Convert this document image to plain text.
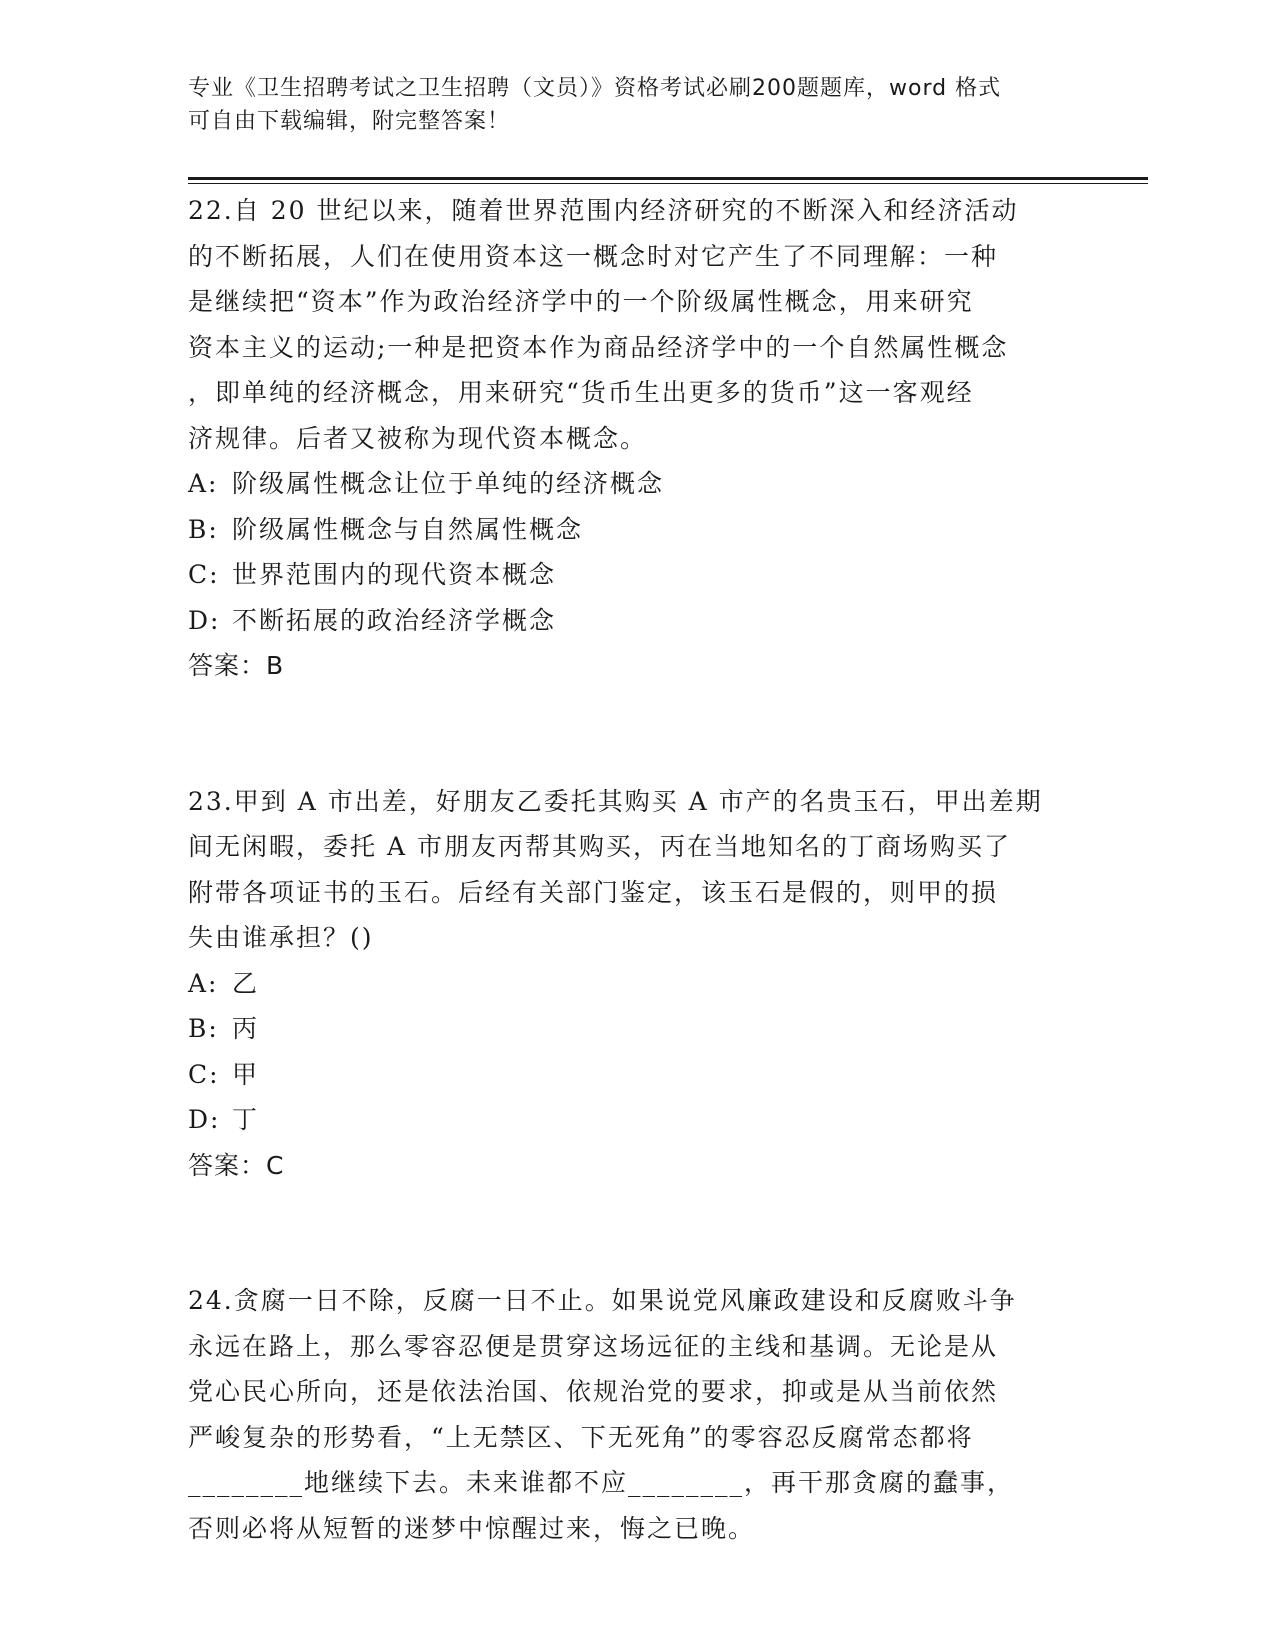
专业《卫生招聘考试之卫生招聘（文员）》资格考试必刷200题题库，word 格式
可自由下载编辑，附完整答案！

22.自 20 世纪以来，随着世界范围内经济研究的不断深入和经济活动
的不断拓展，人们在使用资本这一概念时对它产生了不同理解：一种
是继续把“资本”作为政治经济学中的一个阶级属性概念，用来研究
资本主义的运动;一种是把资本作为商品经济学中的一个自然属性概念
，即单纯的经济概念，用来研究“货币生出更多的货币”这一客观经
济规律。后者又被称为现代资本概念。

A: 阶级属性概念让位于单纯的经济概念
B: 阶级属性概念与自然属性概念
C: 世界范围内的现代资本概念
D: 不断拓展的政治经济学概念

答案：B

23.甲到 A 市出差，好朋友乙委托其购买 A 市产的名贵玉石，甲出差期
间无闲暇，委托 A 市朋友丙帮其购买，丙在当地知名的丁商场购买了
附带各项证书的玉石。后经有关部门鉴定，该玉石是假的，则甲的损
失由谁承担？()

A: 乙
B: 丙
C: 甲
D: 丁

答案：C

24.贪腐一日不除，反腐一日不止。如果说党风廉政建设和反腐败斗争
永远在路上，那么零容忍便是贯穿这场远征的主线和基调。无论是从
党心民心所向，还是依法治国、依规治党的要求，抑或是从当前依然
严峻复杂的形势看，“上无禁区、下无死角”的零容忍反腐常态都将
________地继续下去。未来谁都不应________，再干那贪腐的蠢事，
否则必将从短暂的迷梦中惊醒过来，悔之已晚。
